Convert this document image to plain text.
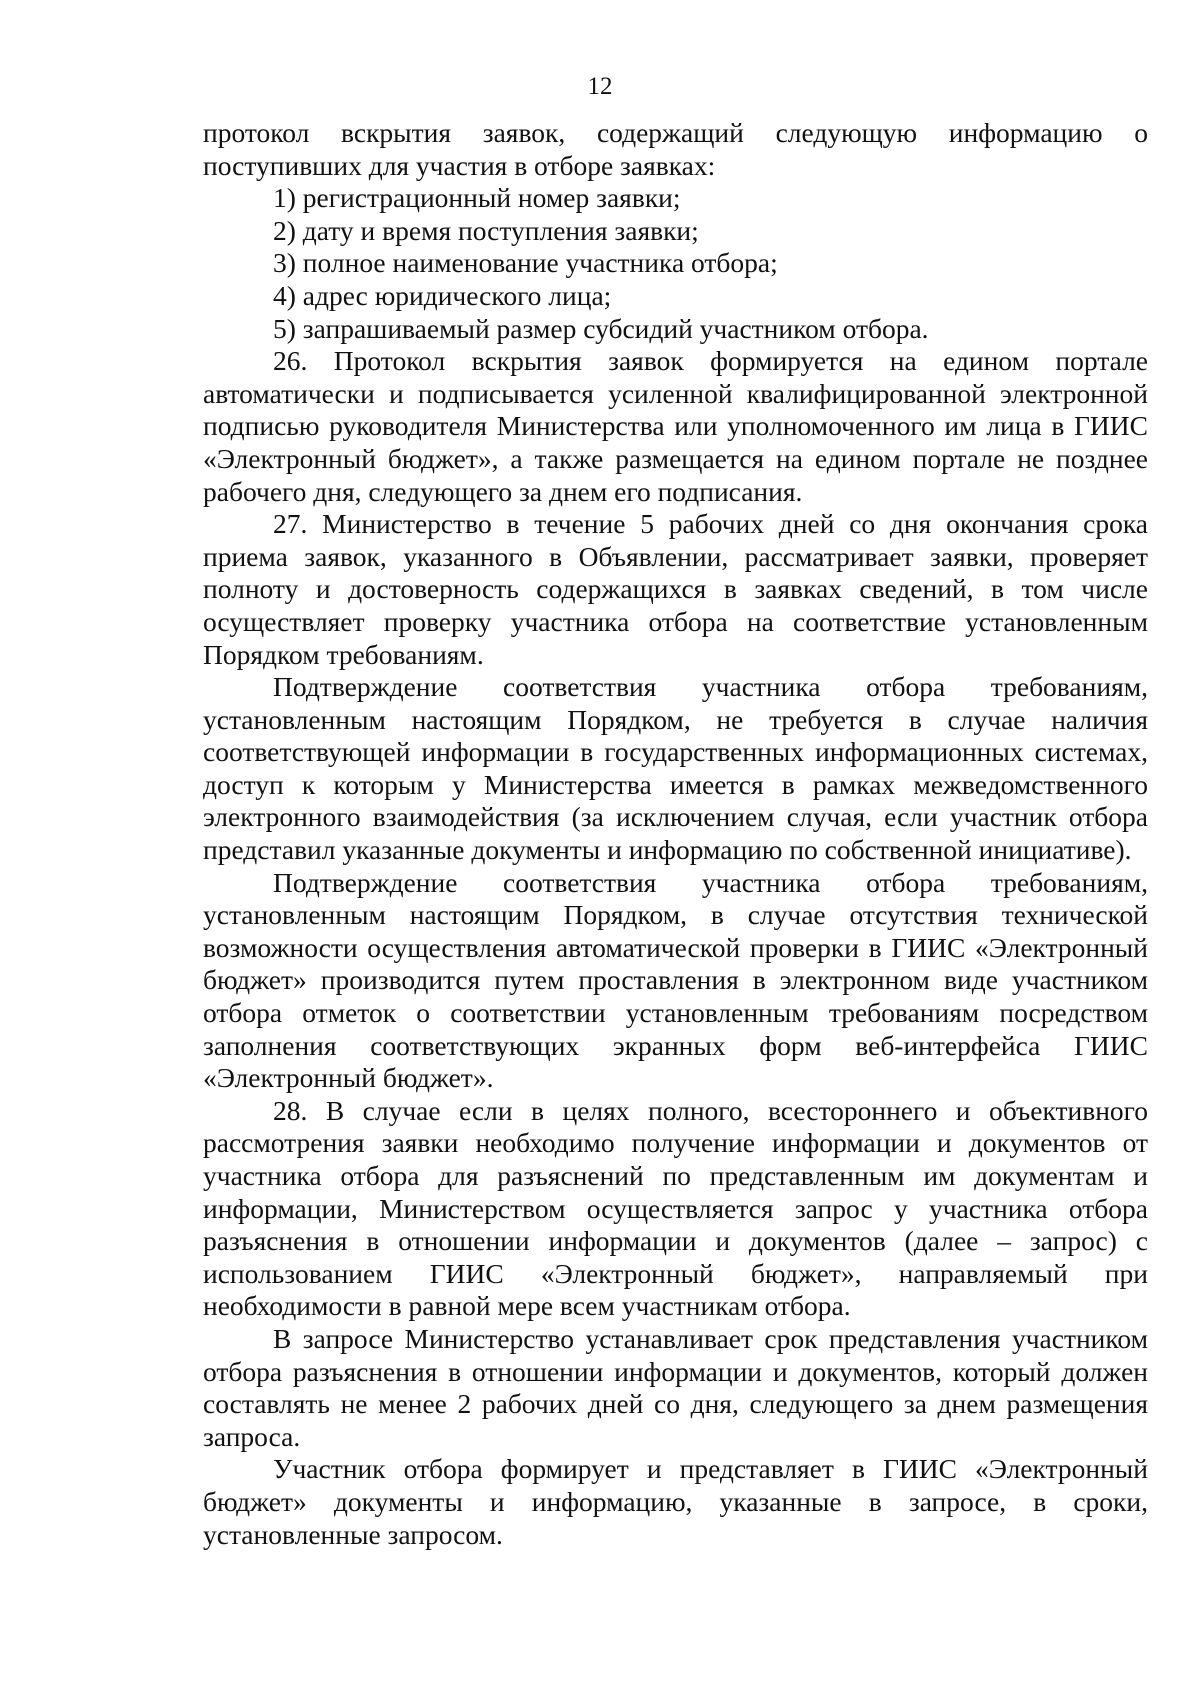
12

протокол вскрытия заявок, содержащий следующую информацию о поступивших для участия в отборе заявках:

1) регистрационный номер заявки;

2) дату и время поступления заявки;

3) полное наименование участника отбора;

4) адрес юридического лица;

5) запрашиваемый размер субсидий участником отбора.

26. Протокол вскрытия заявок формируется на едином портале автоматически и подписывается усиленной квалифицированной электронной подписью руководителя Министерства или уполномоченного им лица в ГИИС «Электронный бюджет», а также размещается на едином портале не позднее рабочего дня, следующего за днем его подписания.

27. Министерство в течение 5 рабочих дней со дня окончания срока приема заявок, указанного в Объявлении, рассматривает заявки, проверяет полноту и достоверность содержащихся в заявках сведений, в том числе осуществляет проверку участника отбора на соответствие установленным Порядком требованиям.

Подтверждение соответствия участника отбора требованиям, установленным настоящим Порядком, не требуется в случае наличия соответствующей информации в государственных информационных системах, доступ к которым у Министерства имеется в рамках межведомственного электронного взаимодействия (за исключением случая, если участник отбора представил указанные документы и информацию по собственной инициативе).

Подтверждение соответствия участника отбора требованиям, установленным настоящим Порядком, в случае отсутствия технической возможности осуществления автоматической проверки в ГИИС «Электронный бюджет» производится путем проставления в электронном виде участником отбора отметок о соответствии установленным требованиям посредством заполнения соответствующих экранных форм веб-интерфейса ГИИС «Электронный бюджет».

28. В случае если в целях полного, всестороннего и объективного рассмотрения заявки необходимо получение информации и документов от участника отбора для разъяснений по представленным им документам и информации, Министерством осуществляется запрос у участника отбора разъяснения в отношении информации и документов (далее – запрос) с использованием ГИИС «Электронный бюджет», направляемый при необходимости в равной мере всем участникам отбора.

В запросе Министерство устанавливает срок представления участником отбора разъяснения в отношении информации и документов, который должен составлять не менее 2 рабочих дней со дня, следующего за днем размещения запроса.

Участник отбора формирует и представляет в ГИИС «Электронный бюджет» документы и информацию, указанные в запросе, в сроки, установленные запросом.
